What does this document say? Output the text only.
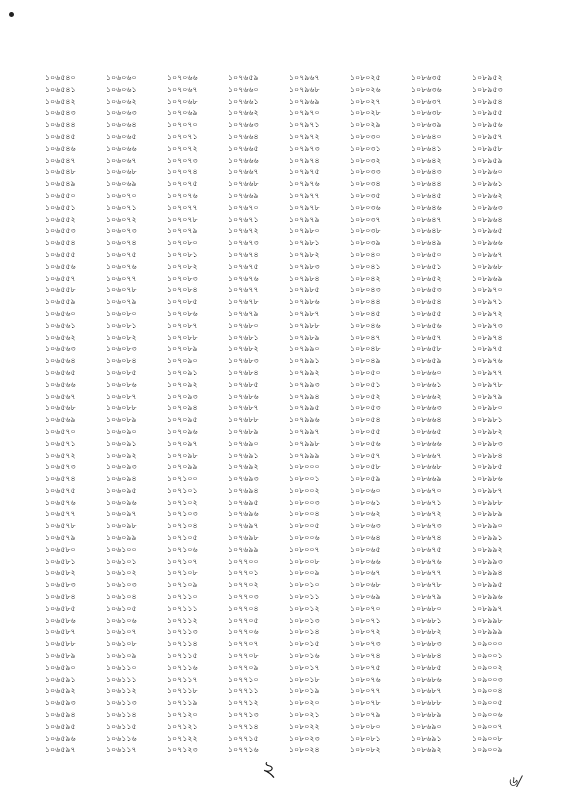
১০৬৫৪০	১০৬০৬০	১০৭০৬৬	১০৭৬৫৯	১০৭৯৬৭	১০৮০২৫	১০৮৬৩৫	১০৮৯৫২
১০৬৫৪১	১০৬০৬১	১০৭০৬৭	১০৭৬৬০	১০৭৯৬৮	১০৮০২৬	১০৮৬৩৬	১০৮৯৫৩
১০৬৫৪২	১০৬০৬২	১০৭০৬৮	১০৭৬৬১	১০৭৯৬৯	১০৮০২৭	১০৮৬৩৭	১০৮৯৫৪
১০৬৫৪৩	১০৬০৬৩	১০৭০৬৯	১০৭৬৬২	১০৭৯৭০	১০৮০২৮	১০৮৬৩৮	১০৮৯৫৫
১০৬৫৪৪	১০৬০৬৪	১০৭০৭০	১০৭৬৬৩	১০৭৯৭১	১০৮০২৯	১০৮৬৩৯	১০৮৯৫৬
১০৬৫৪৫	১০৬০৬৫	১০৭০৭১	১০৭৬৬৪	১০৭৯৭২	১০৮০৩০	১০৮৬৪০	১০৮৯৫৭
১০৬৫৪৬	১০৬০৬৬	১০৭০৭২	১০৭৬৬৫	১০৭৯৭৩	১০৮০৩১	১০৮৬৪১	১০৮৯৫৮
১০৬৫৪৭	১০৬০৬৭	১০৭০৭৩	১০৭৬৬৬	১০৭৯৭৪	১০৮০৩২	১০৮৬৪২	১০৮৯৫৯
১০৬৫৪৮	১০৬০৬৮	১০৭০৭৪	১০৭৬৬৭	১০৭৯৭৫	১০৮০৩৩	১০৮৬৪৩	১০৮৯৬০
১০৬৫৪৯	১০৬০৬৯	১০৭০৭৫	১০৭৬৬৮	১০৭৯৭৬	১০৮০৩৪	১০৮৬৪৪	১০৮৯৬১
১০৬৫৫০	১০৬০৭০	১০৭০৭৬	১০৭৬৬৯	১০৭৯৭৭	১০৮০৩৫	১০৮৬৪৫	১০৮৯৬২
১০৬৫৫১	১০৬০৭১	১০৭০৭৭	১০৭৬৭০	১০৭৯৭৮	১০৮০৩৬	১০৮৬৪৬	১০৮৯৬৩
১০৬৫৫২	১০৬০৭২	১০৭০৭৮	১০৭৬৭১	১০৭৯৭৯	১০৮০৩৭	১০৮৬৪৭	১০৮৯৬৪
১০৬৫৫৩	১০৬০৭৩	১০৭০৭৯	১০৭৬৭২	১০৭৯৮০	১০৮০৩৮	১০৮৬৪৮	১০৮৯৬৫
১০৬৫৫৪	১০৬০৭৪	১০৭০৮০	১০৭৬৭৩	১০৭৯৮১	১০৮০৩৯	১০৮৬৪৯	১০৮৯৬৬
১০৬৫৫৫	১০৬০৭৫	১০৭০৮১	১০৭৬৭৪	১০৭৯৮২	১০৮০৪০	১০৮৬৫০	১০৮৯৬৭
১০৬৫৫৬	১০৬০৭৬	১০৭০৮২	১০৭৬৭৫	১০৭৯৮৩	১০৮০৪১	১০৮৬৫১	১০৮৯৬৮
১০৬৫৫৭	১০৬০৭৭	১০৭০৮৩	১০৭৬৭৬	১০৭৯৮৪	১০৮০৪২	১০৮৬৫২	১০৮৯৬৯
১০৬৫৫৮	১০৬০৭৮	১০৭০৮৪	১০৭৬৭৭	১০৭৯৮৫	১০৮০৪৩	১০৮৬৫৩	১০৮৯৭০
১০৬৫৫৯	১০৬০৭৯	১০৭০৮৫	১০৭৬৭৮	১০৭৯৮৬	১০৮০৪৪	১০৮৬৫৪	১০৮৯৭১
১০৬৫৬০	১০৬০৮০	১০৭০৮৬	১০৭৬৭৯	১০৭৯৮৭	১০৮০৪৫	১০৮৬৫৫	১০৮৯৭২
১০৬৫৬১	১০৬০৮১	১০৭০৮৭	১০৭৬৮০	১০৭৯৮৮	১০৮০৪৬	১০৮৬৫৬	১০৮৯৭৩
১০৬৫৬২	১০৬০৮২	১০৭০৮৮	১০৭৬৮১	১০৭৯৮৯	১০৮০৪৭	১০৮৬৫৭	১০৮৯৭৪
১০৬৫৬৩	১০৬০৮৩	১০৭০৮৯	১০৭৬৮২	১০৭৯৯০	১০৮০৪৮	১০৮৬৫৮	১০৮৯৭৫
১০৬৫৬৪	১০৬০৮৪	১০৭০৯০	১০৭৬৮৩	১০৭৯৯১	১০৮০৪৯	১০৮৬৫৯	১০৮৯৭৬
১০৬৫৬৫	১০৬০৮৫	১০৭০৯১	১০৭৬৮৪	১০৭৯৯২	১০৮০৫০	১০৮৬৬০	১০৮৯৭৭
১০৬৫৬৬	১০৬০৮৬	১০৭০৯২	১০৭৬৮৫	১০৭৯৯৩	১০৮০৫১	১০৮৬৬১	১০৮৯৭৮
১০৬৫৬৭	১০৬০৮৭	১০৭০৯৩	১০৭৬৮৬	১০৭৯৯৪	১০৮০৫২	১০৮৬৬২	১০৮৯৭৯
১০৬৫৬৮	১০৬০৮৮	১০৭০৯৪	১০৭৬৮৭	১০৭৯৯৫	১০৮০৫৩	১০৮৬৬৩	১০৮৯৮০
১০৬৫৬৯	১০৬০৮৯	১০৭০৯৫	১০৭৬৮৮	১০৭৯৯৬	১০৮০৫৪	১০৮৬৬৪	১০৮৯৮১
১০৬৫৭০	১০৬০৯০	১০৭০৯৬	১০৭৬৮৯	১০৭৯৯৭	১০৮০৫৫	১০৮৬৬৫	১০৮৯৮২
১০৬৫৭১	১০৬০৯১	১০৭০৯৭	১০৭৬৯০	১০৭৯৯৮	১০৮০৫৬	১০৮৬৬৬	১০৮৯৮৩
১০৬৫৭২	১০৬০৯২	১০৭০৯৮	১০৭৬৯১	১০৭৯৯৯	১০৮০৫৭	১০৮৬৬৭	১০৮৯৮৪
১০৬৫৭৩	১০৬০৯৩	১০৭০৯৯	১০৭৬৯২	১০৮০০০	১০৮০৫৮	১০৮৬৬৮	১০৮৯৮৫
১০৬৫৭৪	১০৬০৯৪	১০৭১০০	১০৭৬৯৩	১০৮০০১	১০৮০৫৯	১০৮৬৬৯	১০৮৯৮৬
১০৬৫৭৫	১০৬০৯৫	১০৭১০১	১০৭৬৯৪	১০৮০০২	১০৮০৬০	১০৮৬৭০	১০৮৯৮৭
১০৬৫৭৬	১০৬০৯৬	১০৭১০২	১০৭৬৯৫	১০৮০০৩	১০৮০৬১	১০৮৬৭১	১০৮৯৮৮
১০৬৫৭৭	১০৬০৯৭	১০৭১০৩	১০৭৬৯৬	১০৮০০৪	১০৮০৬২	১০৮৬৭২	১০৮৯৮৯
১০৬৫৭৮	১০৬০৯৮	১০৭১০৪	১০৭৬৯৭	১০৮০০৫	১০৮০৬৩	১০৮৬৭৩	১০৮৯৯০
১০৬৫৭৯	১০৬০৯৯	১০৭১০৫	১০৭৬৯৮	১০৮০০৬	১০৮০৬৪	১০৮৬৭৪	১০৮৯৯১
১০৬৫৮০	১০৬১০০	১০৭১০৬	১০৭৬৯৯	১০৮০০৭	১০৮০৬৫	১০৮৬৭৫	১০৮৯৯২
১০৬৫৮১	১০৬১০১	১০৭১০৭	১০৭৭০০	১০৮০০৮	১০৮০৬৬	১০৮৬৭৬	১০৮৯৯৩
১০৬৫৮২	১০৬১০২	১০৭১০৮	১০৭৭০১	১০৮০০৯	১০৮০৬৭	১০৮৬৭৭	১০৮৯৯৪
১০৬৫৮৩	১০৬১০৩	১০৭১০৯	১০৭৭০২	১০৮০১০	১০৮০৬৮	১০৮৬৭৮	১০৮৯৯৫
১০৬৫৮৪	১০৬১০৪	১০৭১১০	১০৭৭০৩	১০৮০১১	১০৮০৬৯	১০৮৬৭৯	১০৮৯৯৬
১০৬৫৮৫	১০৬১০৫	১০৭১১১	১০৭৭০৪	১০৮০১২	১০৮০৭০	১০৮৬৮০	১০৮৯৯৭
১০৬৫৮৬	১০৬১০৬	১০৭১১২	১০৭৭০৫	১০৮০১৩	১০৮০৭১	১০৮৬৮১	১০৮৯৯৮
১০৬৫৮৭	১০৬১০৭	১০৭১১৩	১০৭৭০৬	১০৮০১৪	১০৮০৭২	১০৮৬৮২	১০৮৯৯৯
১০৬৫৮৮	১০৬১০৮	১০৭১১৪	১০৭৭০৭	১০৮০১৫	১০৮০৭৩	১০৮৬৮৩	১০৯০০০
১০৬৫৮৯	১০৬১০৯	১০৭১১৫	১০৭৭০৮	১০৮০১৬	১০৮০৭৪	১০৮৬৮৪	১০৯০০১
১০৬৫৯০	১০৬১১০	১০৭১১৬	১০৭৭০৯	১০৮০১৭	১০৮০৭৫	১০৮৬৮৫	১০৯০০২
১০৬৫৯১	১০৬১১১	১০৭১১৭	১০৭৭১০	১০৮০১৮	১০৮০৭৬	১০৮৬৮৬	১০৯০০৩
১০৬৫৯২	১০৬১১২	১০৭১১৮	১০৭৭১১	১০৮০১৯	১০৮০৭৭	১০৮৬৮৭	১০৯০০৪
১০৬৫৯৩	১০৬১১৩	১০৭১১৯	১০৭৭১২	১০৮০২০	১০৮০৭৮	১০৮৬৮৮	১০৯০০৫
১০৬৫৯৪	১০৬১১৪	১০৭১২০	১০৭৭১৩	১০৮০২১	১০৮০৭৯	১০৮৬৮৯	১০৯০০৬
১০৬৫৯৫	১০৬১১৫	১০৭১২১	১০৭৭১৪	১০৮০২২	১০৮০৮০	১০৮৬৯০	১০৯০০৭
১০৬৫৯৬	১০৬১১৬	১০৭১২২	১০৭৭১৫	১০৮০২৩	১০৮০৮১	১০৮৬৯১	১০৯০০৮
১০৬৫৯৭	১০৬১১৭	১০৭১২৩	১০৭৭১৬	১০৮০২৪	১০৮০৮২	১০৮৬৯২	১০৯০০৯
২	৬/
